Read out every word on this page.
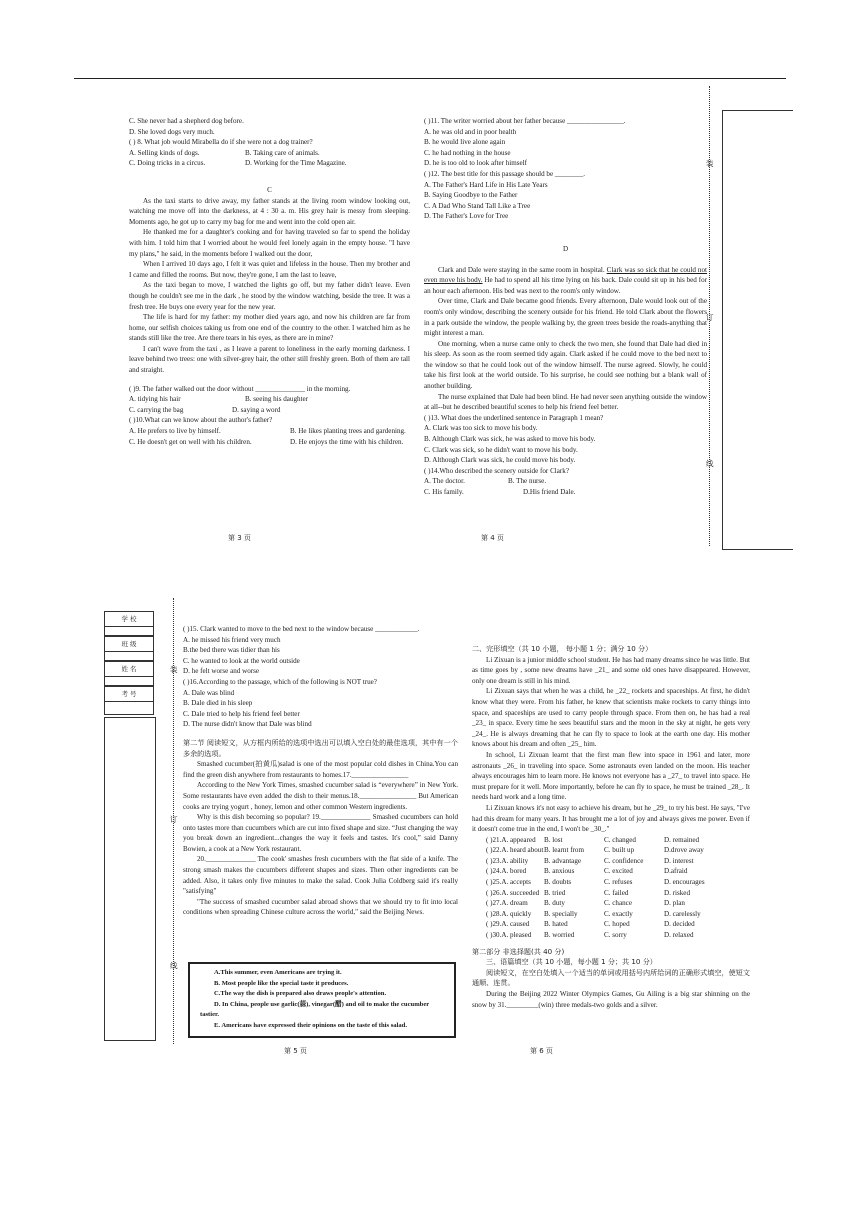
C. She never had a shepherd dog before.

D. She loved dogs very much.

( ) 8. What job would Mirabella do if she were not a dog trainer?

A. Selling kinds of dogs.	B. Taking care of animals.
C. Doing tricks in a circus.	D. Working for the Time Magazine.

C

As the taxi starts to drive away, my father stands at the living room window looking out, watching me move off into the darkness, at 4 : 30 a. m. His grey hair is messy from sleeping. Moments ago, he got up to carry my bag for me and went into the cold open air.

He thanked me for a daughter's cooking and for having traveled so far to spend the holiday with him. I told him that I worried about he would feel lonely again in the empty house. "I have my plans," he said, in the moments before I walked out the door,

When I arrived 10 days ago, I felt it was quiet and lifeless in the house. Then my brother and I came and filled the rooms. But now, they're gone, I am the last to leave,

As the taxi began to move, I watched the lights go off, but my father didn't leave. Even though he couldn't see me in the dark , he stood by the window watching, beside the tree. It was a fresh tree. He buys one every year for the new year.

The life is hard for my father: my mother died years ago, and now his children are far from home, our selfish choices taking us from one end of the country to the other. I watched him as he stands still like the tree. Are there tears in his eyes, as there are in mine?

I can't wave from the taxi , as I leave a parent to loneliness in the early morning darkness. I leave behind two trees: one with silver-grey hair, the other still freshly green. Both of them are tall and straight.

( )9. The father walked out the door without ______________ in the morning.

A. tidying his hair	B. seeing his daughter
C. carrying the bag	D. saying a word

( )10.What can we know about the author's father?

A. He prefers to live by himself.	B. He likes planting trees and gardening.
C. He doesn't get on well with his children.	D. He enjoys the time with his children.
第 3 页

( )11. The writer worried about her father because ________________.

A. he was old and in poor health

B. he would live alone again

C. he had nothing in the house

D. he is too old to look after himself

( )12. The best title for this passage should be ________.

A. The Father's Hard Life in His Late Years

B. Saying Goodbye to the Father

C. A Dad Who Stand Tall Like a Tree

D. The Father's Love for Tree

D

Clark and Dale were staying in the same room in hospital. Clark was so sick that he could not even move his body. He had to spend all his time lying on his back. Dale could sit up in his bed for an hour each afternoon. His bed was next to the room's only window.

Over time, Clark and Dale became good friends. Every afternoon, Dale would look out of the room's only window, describing the scenery outside for his friend. He told Clark about the flowers in a park outside the window, the people walking by, the green trees beside the roads-anything that might interest a man.

One morning, when a nurse came only to check the two men, she found that Dale had died in his sleep. As soon as the room seemed tidy again. Clark asked if he could move to the bed next to the window so that he could look out of the window himself. The nurse agreed. Slowly, he could take his first look at the world outside. To his surprise, he could see nothing but a blank wall of another building.

The nurse explained that Dale had been blind. He had never seen anything outside the window at all--but he described beautiful scenes to help his friend feel better.

( )13. What does the underlined sentence in Paragraph 1 mean?

A. Clark was too sick to move his body.

B. Although Clark was sick, he was asked to move his body.

C. Clark was sick, so he didn't want to move his body.

D. Although Clark was sick, he could move his body.

( )14.Who described the scenery outside for Clark?

A. The doctor.	B. The nurse.
C. His family.	D.His friend Dale.
第 4 页
订
装
线
学 校
班 级
姓 名
考 号
装
订
线

( )15. Clark wanted to move to the bed next to the window because ____________.

A. he missed his friend very much

B.the bed there was tidier than his

C. he wanted to look at the world outside

D. he felt worse and worse

( )16.According to the passage, which of the following is NOT true?

A. Dale was blind

B. Dale died in his sleep

C. Dale tried to help his friend feel better

D. The nurse didn't know that Dale was blind

第二节 阅读短文，从方框内所给的选项中选出可以填入空白处的最佳选项，其中有一个多余的选项。

Smashed cucumber(拍黄瓜)salad is one of the most popular cold dishes in China.You can find the green dish anywhere from restaurants to homes.17.________________

According to the New York Times, smashed cucumber salad is “everywhere” in New York. Some restaurants have even added the dish to their menus.18.________________ But American cooks are trying yogurt , honey, lemon and other common Western ingredients.

Why is this dish becoming so popular? 19.______________ Smashed cucumbers can hold onto tastes more than cucumbers which are cut into fixed shape and size. “Just changing the way you break down an ingredient...changes the way it feels and tastes. It's cool,” said Danny Bowien, a cook at a New York restaurant.

20.______________ The cook' smashes fresh cucumbers with the flat side of a knife. The strong smash makes the cucumbers different shapes and sizes. Then other ingredients can be added. Also, it takes only five minutes to make the salad. Cook Julia Coldberg said it's really "satisfying"

"The success of smashed cucumber salad abroad shows that we should try to fit into local conditions when spreading Chinese culture across the world," said the Beijing News.

A.This summer, even Americans are trying it.
B. Most people like the special taste it produces.
C.The way the dish is prepared also draws people's attention.
D. In China, people use garlic(蒜), vinegar(醋) and oil to make the cucumber tastier.
E. Americans have expressed their opinions on the taste of this salad.
第 5 页

二、完形填空（共 10 小题， 每小题 1 分；满分 10 分）

Li Zixuan is a junior middle school student. He has had many dreams since he was little. But as time goes by , some new dreams have _21_ and some old ones have disappeared. However, only one dream is still in his mind.

Li Zixuan says that when he was a child, he _22_ rockets and spaceships. At first, he didn't know what they were. From his father, he knew that scientists make rockets to carry things into space, and spaceships are used to carry people through space. From then on, he has had a real _23_ in space. Every time he sees beautiful stars and the moon in the sky at night, he gets very _24_. He is always dreaming that he can fly to space to look at the earth one day. His mother knows about his dream and often _25_ him.

In school, Li Zixuan learnt that the first man flew into space in 1961 and later, more astronauts _26_ in traveling into space. Some astronauts even landed on the moon. His teacher always encourages him to learn more. He knows not everyone has a _27_ to travel into space. He must prepare for it well. More importantly, before he can fly to space, he must be trained _28_. It needs hard work and a long time.

Li Zixuan knows it's not easy to achieve his dream, but he _29_ to try his best. He says, "I've had this dream for many years. It has brought me a lot of joy and always gives me power. Even if it doesn't come true in the end, I won't be _30_."

( )21.A. appeared	B. lost	C. changed	D. remained
( )22.A. heard about B. learnt from	C. built up	D.drove away
( )23.A. ability	B. advantage	C. confidence	D. interest
( )24.A. bored	B. anxious	C. excited	D.afraid
( )25.A. accepts	B. doubts	C. refuses	D. encourages
( )26.A. succeeded B. tried	C. failed	D. risked
( )27.A. dream	B. duty	C. chance	D. plan
( )28.A. quickly	B. specially	C. exactly	D. carelessly
( )29.A. caused	B. hated	C. hoped	D. decided
( )30.A. pleased	B. worried	C. sorry	D. relaxed

第二部分 非选择题(共 40 分)

三、语篇填空（共 10 小题，每小题 1 分；共 10 分）

阅读短文，在空白处填入一个适当的单词或用括号内所给词的正确形式填空，使短文通顺、连贯。

During the Beijing 2022 Winter Olympics Games, Gu Ailing is a big star shinning on the snow by 31._________(win) three medals-two golds and a silver.

第 6 页
